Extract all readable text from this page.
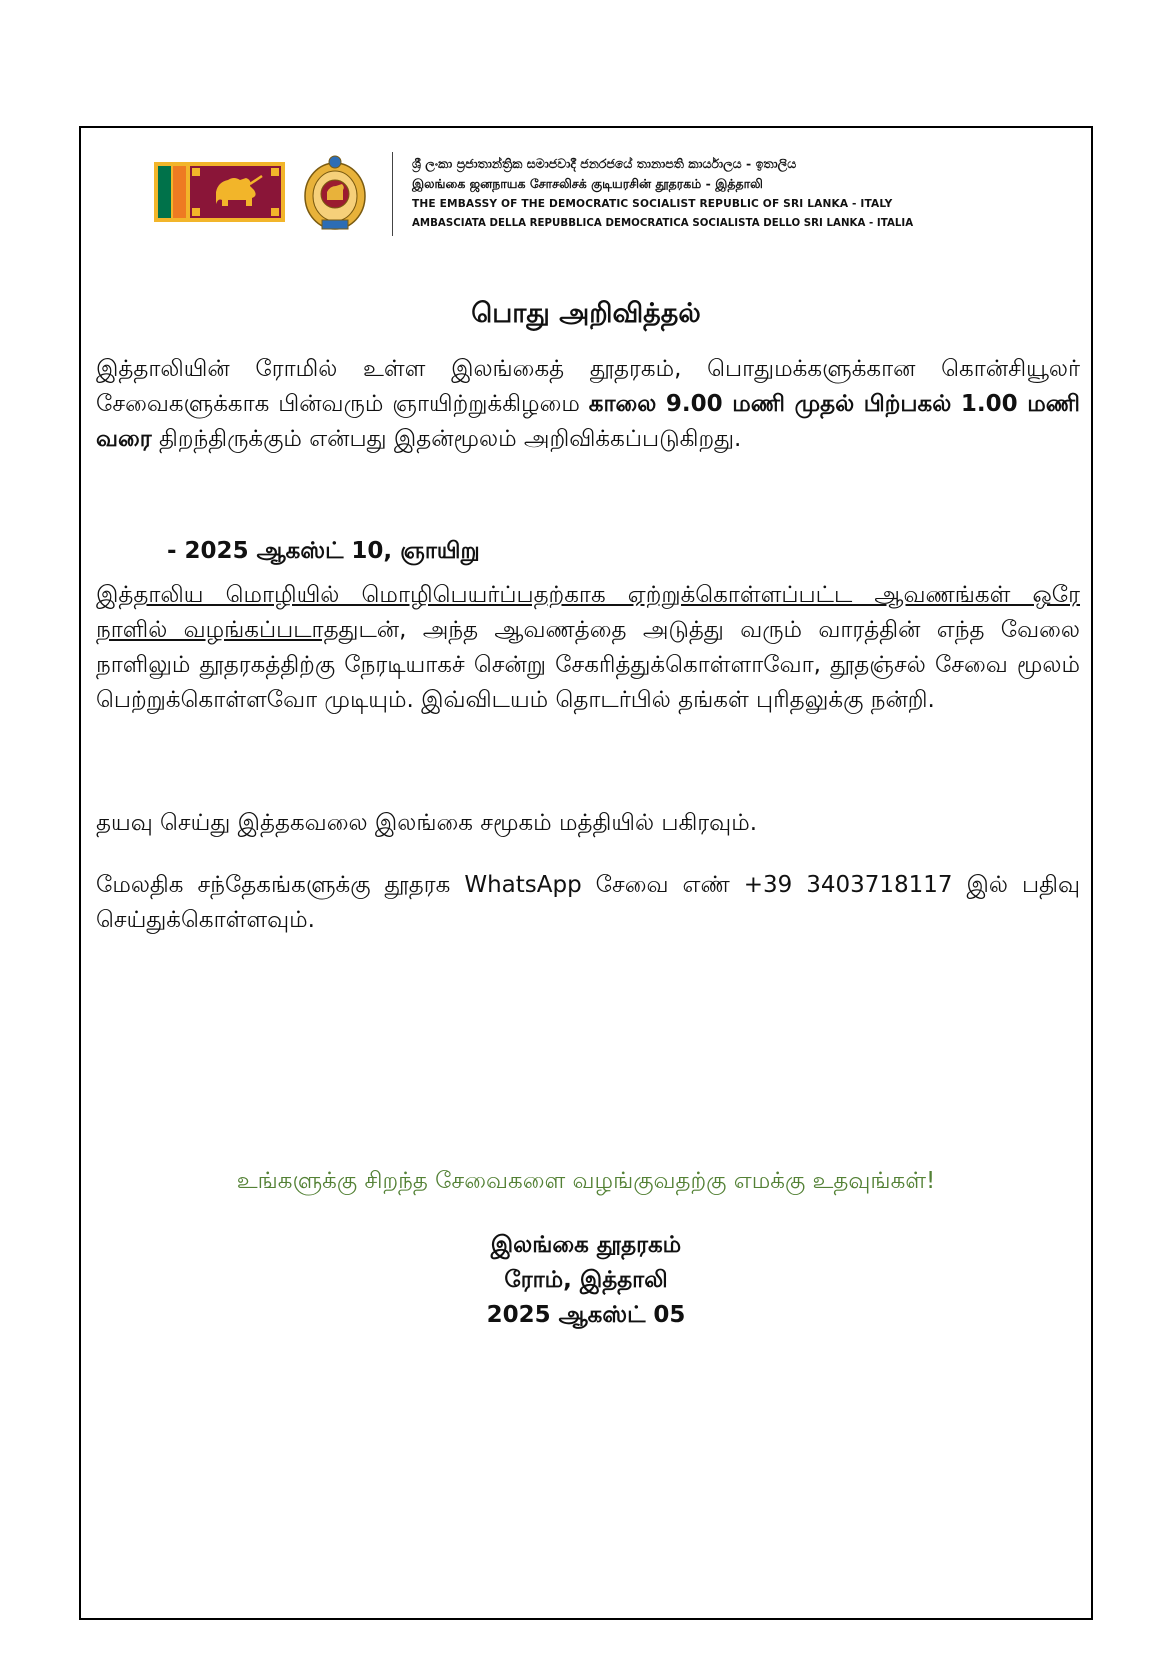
ශ්‍රී ලංකා ප්‍රජාතාන්ත්‍රික සමාජවාදී ජනරජයේ තානාපති කාර්යාලය - ඉතාලිය
இலங்கை ஜனநாயக சோசலிசக் குடியரசின் தூதரகம் - இத்தாலி
THE EMBASSY OF THE DEMOCRATIC SOCIALIST REPUBLIC OF SRI LANKA - ITALY
AMBASCIATA DELLA REPUBBLICA DEMOCRATICA SOCIALISTA DELLO SRI LANKA - ITALIA
பொது அறிவித்தல்

இத்தாலியின் ரோமில் உள்ள இலங்கைத் தூதரகம், பொதுமக்களுக்கான கொன்சியூலர் சேவைகளுக்காக பின்வரும் ஞாயிற்றுக்கிழமை காலை 9.00 மணி முதல் பிற்பகல் 1.00 மணி வரை திறந்திருக்கும் என்பது இதன்மூலம் அறிவிக்கப்படுகிறது.

- 2025 ஆகஸ்ட் 10, ஞாயிறு

இத்தாலிய மொழியில் மொழிபெயர்ப்பதற்காக ஏற்றுக்கொள்ளப்பட்ட ஆவணங்கள் ஒரே நாளில் வழங்கப்படாததுடன், அந்த ஆவணத்தை அடுத்து வரும் வாரத்தின் எந்த வேலை நாளிலும் தூதரகத்திற்கு நேரடியாகச் சென்று சேகரித்துக்கொள்ளாவோ, தூதஞ்சல் சேவை மூலம் பெற்றுக்கொள்ளவோ முடியும். இவ்விடயம் தொடர்பில் தங்கள் புரிதலுக்கு நன்றி.

தயவு செய்து இத்தகவலை இலங்கை சமூகம் மத்தியில் பகிரவும்.

மேலதிக சந்தேகங்களுக்கு தூதரக WhatsApp சேவை எண் +39 3403718117 இல் பதிவு செய்துக்கொள்ளவும்.

உங்களுக்கு சிறந்த சேவைகளை வழங்குவதற்கு எமக்கு உதவுங்கள்!
இலங்கை தூதரகம்
ரோம், இத்தாலி
2025 ஆகஸ்ட் 05
